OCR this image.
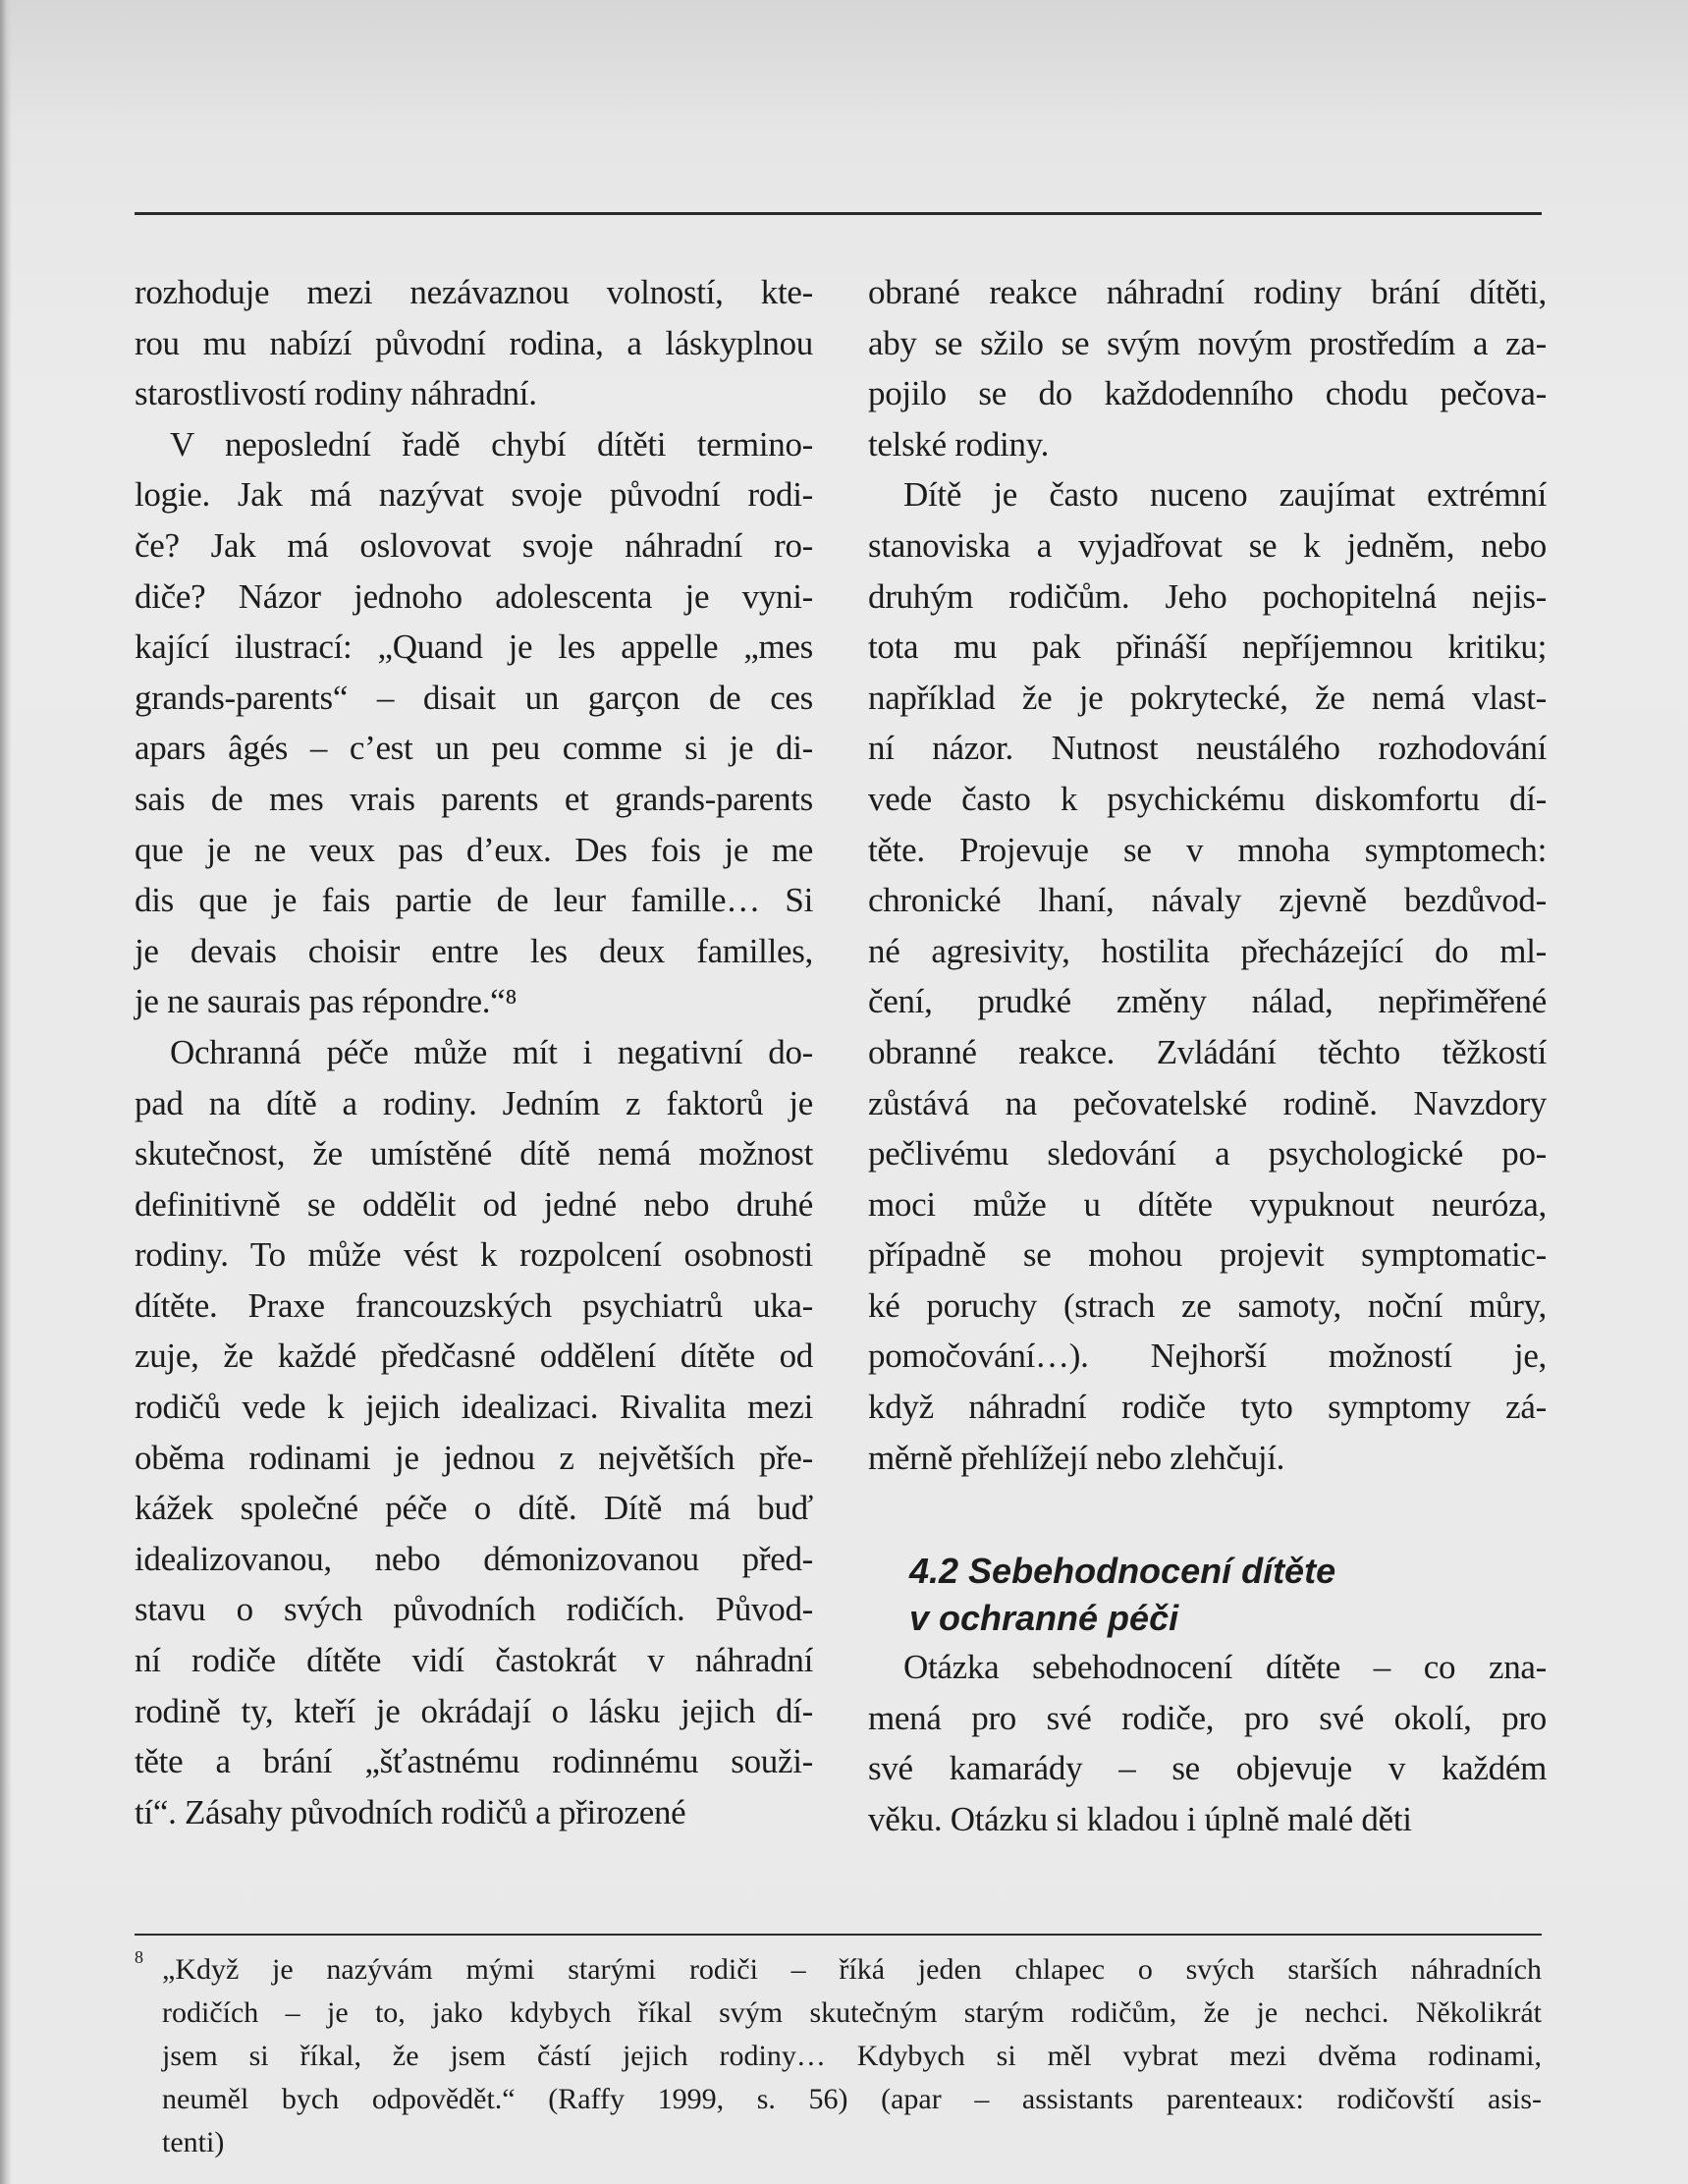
rozhoduje mezi nezávaznou volností, kte-
rou mu nabízí původní rodina, a láskyplnou
starostlivostí rodiny náhradní.

V neposlední řadě chybí dítěti termino-
logie. Jak má nazývat svoje původní rodi-
če? Jak má oslovovat svoje náhradní ro-
diče? Názor jednoho adolescenta je vyni-
kající ilustrací: „Quand je les appelle „mes
grands-parents“ – disait un garçon de ces
apars âgés – c’est un peu comme si je di-
sais de mes vrais parents et grands-parents
que je ne veux pas d’eux. Des fois je me
dis que je fais partie de leur famille… Si
je devais choisir entre les deux familles,
je ne saurais pas répondre.“⁸

Ochranná péče může mít i negativní do-
pad na dítě a rodiny. Jedním z faktorů je
skutečnost, že umístěné dítě nemá možnost
definitivně se oddělit od jedné nebo druhé
rodiny. To může vést k rozpolcení osobnosti
dítěte. Praxe francouzských psychiatrů uka-
zuje, že každé předčasné oddělení dítěte od
rodičů vede k jejich idealizaci. Rivalita mezi
oběma rodinami je jednou z největších pře-
kážek společné péče o dítě. Dítě má buď
idealizovanou, nebo démonizovanou před-
stavu o svých původních rodičích. Původ-
ní rodiče dítěte vidí častokrát v náhradní
rodině ty, kteří je okrádají o lásku jejich dí-
těte a brání „šťastnému rodinnému souži-
tí“. Zásahy původních rodičů a přirozené

obrané reakce náhradní rodiny brání dítěti,
aby se sžilo se svým novým prostředím a za-
pojilo se do každodenního chodu pečova-
telské rodiny.

Dítě je často nuceno zaujímat extrémní
stanoviska a vyjadřovat se k jedněm, nebo
druhým rodičům. Jeho pochopitelná nejis-
tota mu pak přináší nepříjemnou kritiku;
například že je pokrytecké, že nemá vlast-
ní názor. Nutnost neustálého rozhodování
vede často k psychickému diskomfortu dí-
těte. Projevuje se v mnoha symptomech:
chronické lhaní, návaly zjevně bezdůvod-
né agresivity, hostilita přecházející do ml-
čení, prudké změny nálad, nepřiměřené
obranné reakce. Zvládání těchto těžkostí
zůstává na pečovatelské rodině. Navzdory
pečlivému sledování a psychologické po-
moci může u dítěte vypuknout neuróza,
případně se mohou projevit symptomatic-
ké poruchy (strach ze samoty, noční můry,
pomočování…). Nejhorší možností je,
když náhradní rodiče tyto symptomy zá-
měrně přehlížejí nebo zlehčují.

4.2 Sebehodnocení dítěte
v ochranné péči

Otázka sebehodnocení dítěte – co zna-
mená pro své rodiče, pro své okolí, pro
své kamarády – se objevuje v každém
věku. Otázku si kladou i úplně malé děti

8 „Když je nazývám mými starými rodiči – říká jeden chlapec o svých starších náhradních
rodičích – je to, jako kdybych říkal svým skutečným starým rodičům, že je nechci. Několikrát
jsem si říkal, že jsem částí jejich rodiny… Kdybych si měl vybrat mezi dvěma rodinami,
neuměl bych odpovědět.“ (Raffy 1999, s. 56) (apar – assistants parenteaux: rodičovští asis-
tenti)
